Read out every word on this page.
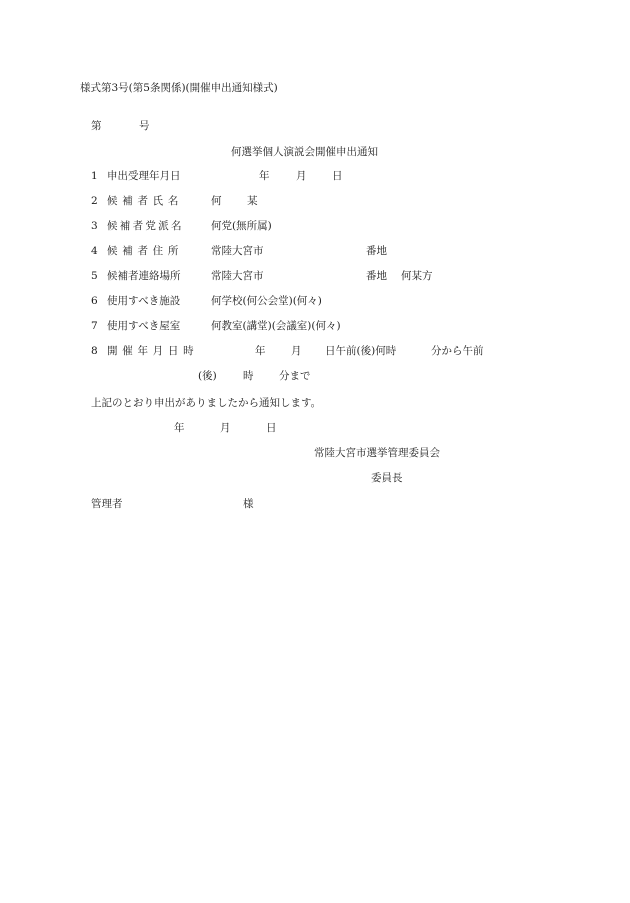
様式第3号(第5条関係)(開催申出通知様式)
第	号
何選挙個人演説会開催申出通知
1 申出受理年月日	年	月 日
2 候補者氏名	何 某
3 候補者党派名	何党(無所属)
4 候補者住所	常陸大宮市	番地
5 候補者連絡場所	常陸大宮市	番地 何某方
6 使用すべき施設	何学校(何公会堂)(何々)
7 使用すべき屋室	何教室(講堂)(会議室)(何々)
8 開催年月日時	年 月 日午前(後)何時	分から午前
(後)	時 分まで
上記のとおり申出がありましたから通知します。
年	月	日
常陸大宮市選挙管理委員会
委員長
管理者	様
